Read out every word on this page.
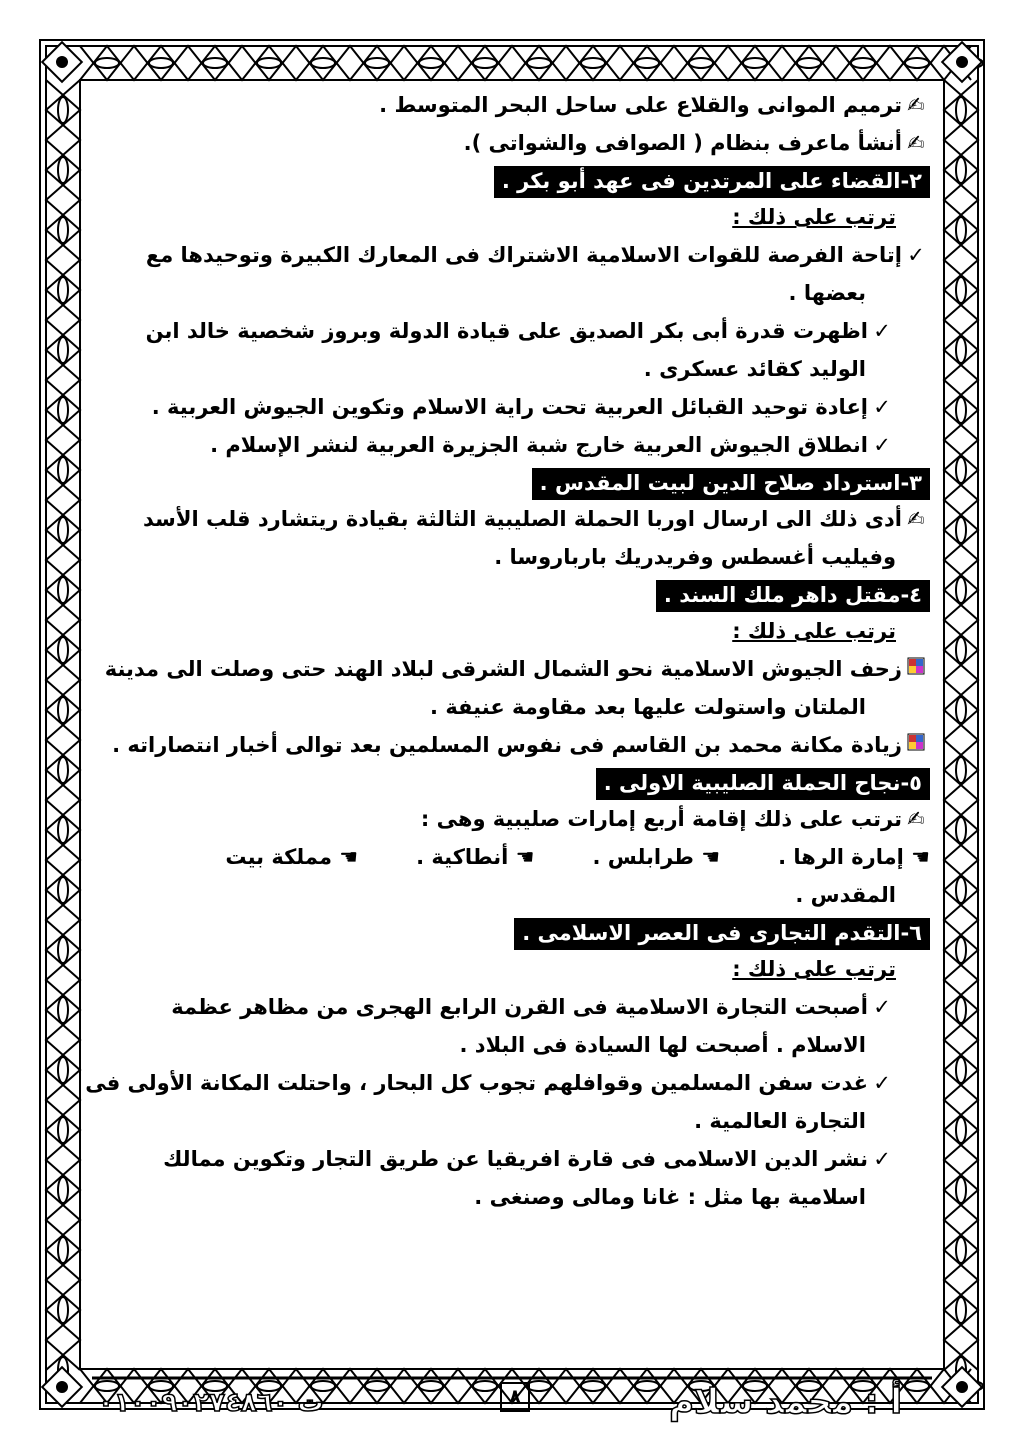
✍ترميم الموانى والقلاع على ساحل البحر المتوسط .
✍أنشأ ماعرف بنظام ( الصوافى والشواتى ).
٢-القضاء على المرتدين فى عهد أبو بكر .
ترتب على ذلك :
✓إتاحة الفرصة للقوات الاسلامية الاشتراك فى المعارك الكبيرة وتوحيدها مع
بعضها .
✓اظهرت قدرة أبى بكر الصديق على قيادة الدولة وبروز شخصية خالد ابن
الوليد كقائد عسكرى .
✓إعادة توحيد القبائل العربية تحت راية الاسلام وتكوين الجيوش العربية .
✓انطلاق الجيوش العربية خارج شبة الجزيرة العربية لنشر الإسلام .
٣-استرداد صلاح الدين لبيت المقدس .
✍أدى ذلك الى ارسال اوربا الحملة الصليبية الثالثة بقيادة ريتشارد قلب الأسد
وفيليب أغسطس وفريدريك بارباروسا .
٤-مقتل داهر ملك السند .
ترتب على ذلك :
زحف الجيوش الاسلامية نحو الشمال الشرقى لبلاد الهند حتى وصلت الى مدينة
الملتان واستولت عليها بعد مقاومة عنيفة .
زيادة مكانة محمد بن القاسم فى نفوس المسلمين بعد توالى أخبار انتصاراته .
٥-نجاح الحملة الصليبية الاولى .
✍ترتب على ذلك إقامة أربع إمارات صليبية وهى :
☚ إمارة الرها .☚ طرابلس .☚ أنطاكية .☚ مملكة بيت
المقدس .
٦-التقدم التجارى فى العصر الاسلامى .
ترتب على ذلك :
✓أصبحت التجارة الاسلامية فى القرن الرابع الهجرى من مظاهر عظمة
الاسلام . أصبحت لها السيادة فى البلاد .
✓غدت سفن المسلمين وقوافلهم تجوب كل البحار ، واحتلت المكانة الأولى فى
التجارة العالمية .
✓نشر الدين الاسلامى فى قارة افريقيا عن طريق التجار وتكوين ممالك
اسلامية بها مثل : غانا ومالى وصنغى .
ت ٠١٠٠٩٠٢٧٤٨٦٠	٨	أ : محمد سلام
